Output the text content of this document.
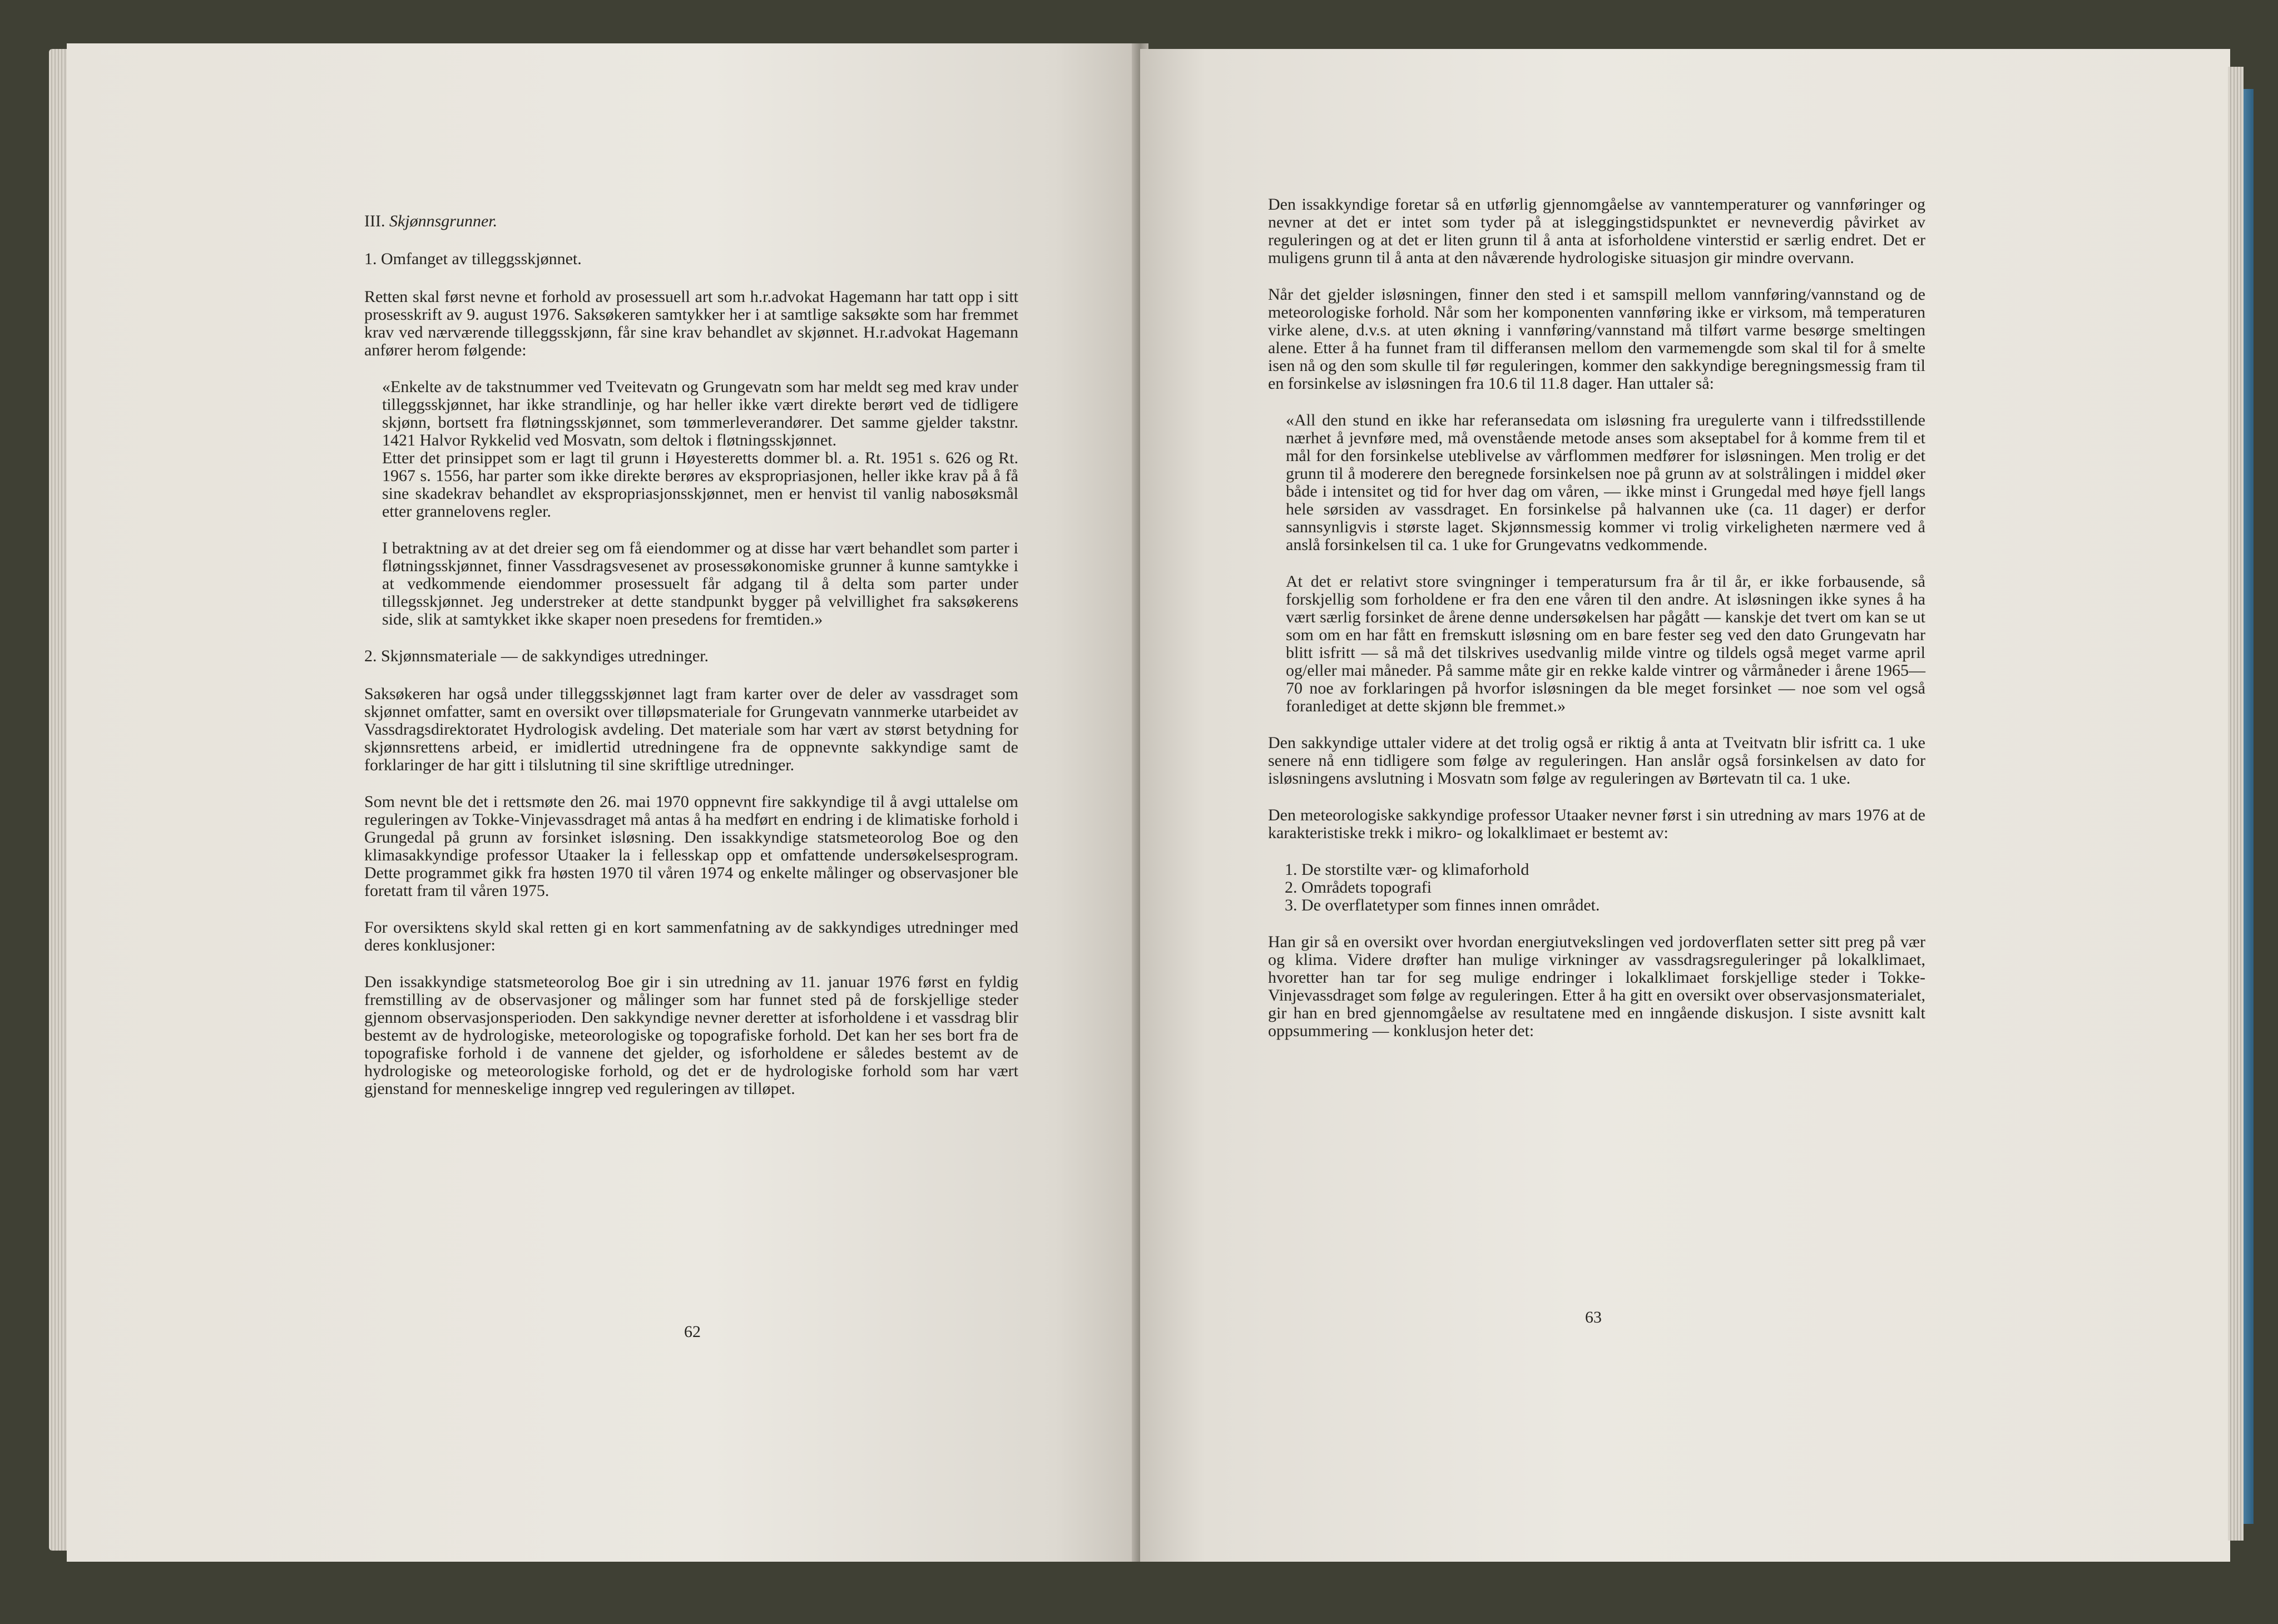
III. Skjønnsgrunner.
1. Omfanget av tilleggsskjønnet.

Retten skal først nevne et forhold av prosessuell art som h.r.advokat Hagemann har tatt opp i sitt prosesskrift av 9. august 1976. Saksøkeren samtykker her i at samtlige saksøkte som har fremmet krav ved nærværende tilleggsskjønn, får sine krav behandlet av skjønnet. H.r.advokat Hagemann anfører herom følgende:

«Enkelte av de takstnummer ved Tveitevatn og Grungevatn som har meldt seg med krav under tilleggsskjønnet, har ikke strandlinje, og har heller ikke vært direkte berørt ved de tidligere skjønn, bortsett fra fløtningsskjønnet, som tømmerleverandører. Det samme gjelder takstnr. 1421 Halvor Rykkelid ved Mosvatn, som deltok i fløtningsskjønnet.
Etter det prinsippet som er lagt til grunn i Høyesteretts dommer bl. a. Rt. 1951 s. 626 og Rt. 1967 s. 1556, har parter som ikke direkte berøres av ekspropriasjonen, heller ikke krav på å få sine skadekrav behandlet av ekspropriasjonsskjønnet, men er henvist til vanlig nabosøksmål etter grannelovens regler.
I betraktning av at det dreier seg om få eiendommer og at disse har vært behandlet som parter i fløtningsskjønnet, finner Vassdragsvesenet av prosessøkonomiske grunner å kunne samtykke i at vedkommende eiendommer prosessuelt får adgang til å delta som parter under tillegsskjønnet. Jeg understreker at dette standpunkt bygger på velvillighet fra saksøkerens side, slik at samtykket ikke skaper noen presedens for fremtiden.»
2. Skjønnsmateriale — de sakkyndiges utredninger.

Saksøkeren har også under tilleggsskjønnet lagt fram karter over de deler av vassdraget som skjønnet omfatter, samt en oversikt over tilløpsmateriale for Grungevatn vannmerke utarbeidet av Vassdragsdirektoratet Hydrologisk avdeling. Det materiale som har vært av størst betydning for skjønnsrettens arbeid, er imidlertid utredningene fra de oppnevnte sakkyndige samt de forklaringer de har gitt i tilslutning til sine skriftlige utredninger.

Som nevnt ble det i rettsmøte den 26. mai 1970 oppnevnt fire sakkyndige til å avgi uttalelse om reguleringen av Tokke-Vinjevassdraget må antas å ha medført en endring i de klimatiske forhold i Grungedal på grunn av forsinket isløsning. Den issakkyndige statsmeteorolog Boe og den klimasakkyndige professor Utaaker la i fellesskap opp et omfattende undersøkelsesprogram. Dette programmet gikk fra høsten 1970 til våren 1974 og enkelte målinger og observasjoner ble foretatt fram til våren 1975.

For oversiktens skyld skal retten gi en kort sammenfatning av de sakkyndiges utredninger med deres konklusjoner:

Den issakkyndige statsmeteorolog Boe gir i sin utredning av 11. januar 1976 først en fyldig fremstilling av de observasjoner og målinger som har funnet sted på de forskjellige steder gjennom observasjonsperioden. Den sakkyndige nevner deretter at isforholdene i et vassdrag blir bestemt av de hydrologiske, meteorologiske og topografiske forhold. Det kan her ses bort fra de topografiske forhold i de vannene det gjelder, og isforholdene er således bestemt av de hydrologiske og meteorologiske forhold, og det er de hydrologiske forhold som har vært gjenstand for menneskelige inngrep ved reguleringen av tilløpet.

62

Den issakkyndige foretar så en utførlig gjennomgåelse av vanntemperaturer og vannføringer og nevner at det er intet som tyder på at isleggingstidspunktet er nevneverdig påvirket av reguleringen og at det er liten grunn til å anta at isforholdene vinterstid er særlig endret. Det er muligens grunn til å anta at den nåværende hydrologiske situasjon gir mindre overvann.

Når det gjelder isløsningen, finner den sted i et samspill mellom vannføring/vannstand og de meteorologiske forhold. Når som her komponenten vannføring ikke er virksom, må temperaturen virke alene, d.v.s. at uten økning i vannføring/vannstand må tilført varme besørge smeltingen alene. Etter å ha funnet fram til differansen mellom den varmemengde som skal til for å smelte isen nå og den som skulle til før reguleringen, kommer den sakkyndige beregningsmessig fram til en forsinkelse av isløsningen fra 10.6 til 11.8 dager. Han uttaler så:

«All den stund en ikke har referansedata om isløsning fra uregulerte vann i tilfredsstillende nærhet å jevnføre med, må ovenstående metode anses som akseptabel for å komme frem til et mål for den forsinkelse uteblivelse av vårflommen medfører for isløsningen. Men trolig er det grunn til å moderere den beregnede forsinkelsen noe på grunn av at solstrålingen i middel øker både i intensitet og tid for hver dag om våren, — ikke minst i Grungedal med høye fjell langs hele sørsiden av vassdraget. En forsinkelse på halvannen uke (ca. 11 dager) er derfor sannsynligvis i største laget. Skjønnsmessig kommer vi trolig virkeligheten nærmere ved å anslå forsinkelsen til ca. 1 uke for Grungevatns vedkommende.
At det er relativt store svingninger i temperatursum fra år til år, er ikke forbausende, så forskjellig som forholdene er fra den ene våren til den andre. At isløsningen ikke synes å ha vært særlig forsinket de årene denne undersøkelsen har pågått — kanskje det tvert om kan se ut som om en har fått en fremskutt isløsning om en bare fester seg ved den dato Grungevatn har blitt isfritt — så må det tilskrives usedvanlig milde vintre og tildels også meget varme april og/eller mai måneder. På samme måte gir en rekke kalde vintrer og vårmåneder i årene 1965—70 noe av forklaringen på hvorfor isløsningen da ble meget forsinket — noe som vel også foranlediget at dette skjønn ble fremmet.»

Den sakkyndige uttaler videre at det trolig også er riktig å anta at Tveitvatn blir isfritt ca. 1 uke senere nå enn tidligere som følge av reguleringen. Han anslår også forsinkelsen av dato for isløsningens avslutning i Mosvatn som følge av reguleringen av Børtevatn til ca. 1 uke.

Den meteorologiske sakkyndige professor Utaaker nevner først i sin utredning av mars 1976 at de karakteristiske trekk i mikro- og lokalklimaet er bestemt av:

1. De storstilte vær- og klimaforhold
2. Områdets topografi
3. De overflatetyper som finnes innen området.

Han gir så en oversikt over hvordan energiutvekslingen ved jordoverflaten setter sitt preg på vær og klima. Videre drøfter han mulige virkninger av vassdragsreguleringer på lokalklimaet, hvoretter han tar for seg mulige endringer i lokalklimaet forskjellige steder i Tokke-Vinjevassdraget som følge av reguleringen. Etter å ha gitt en oversikt over observasjonsmaterialet, gir han en bred gjennomgåelse av resultatene med en inngående diskusjon. I siste avsnitt kalt oppsummering — konklusjon heter det:

63
